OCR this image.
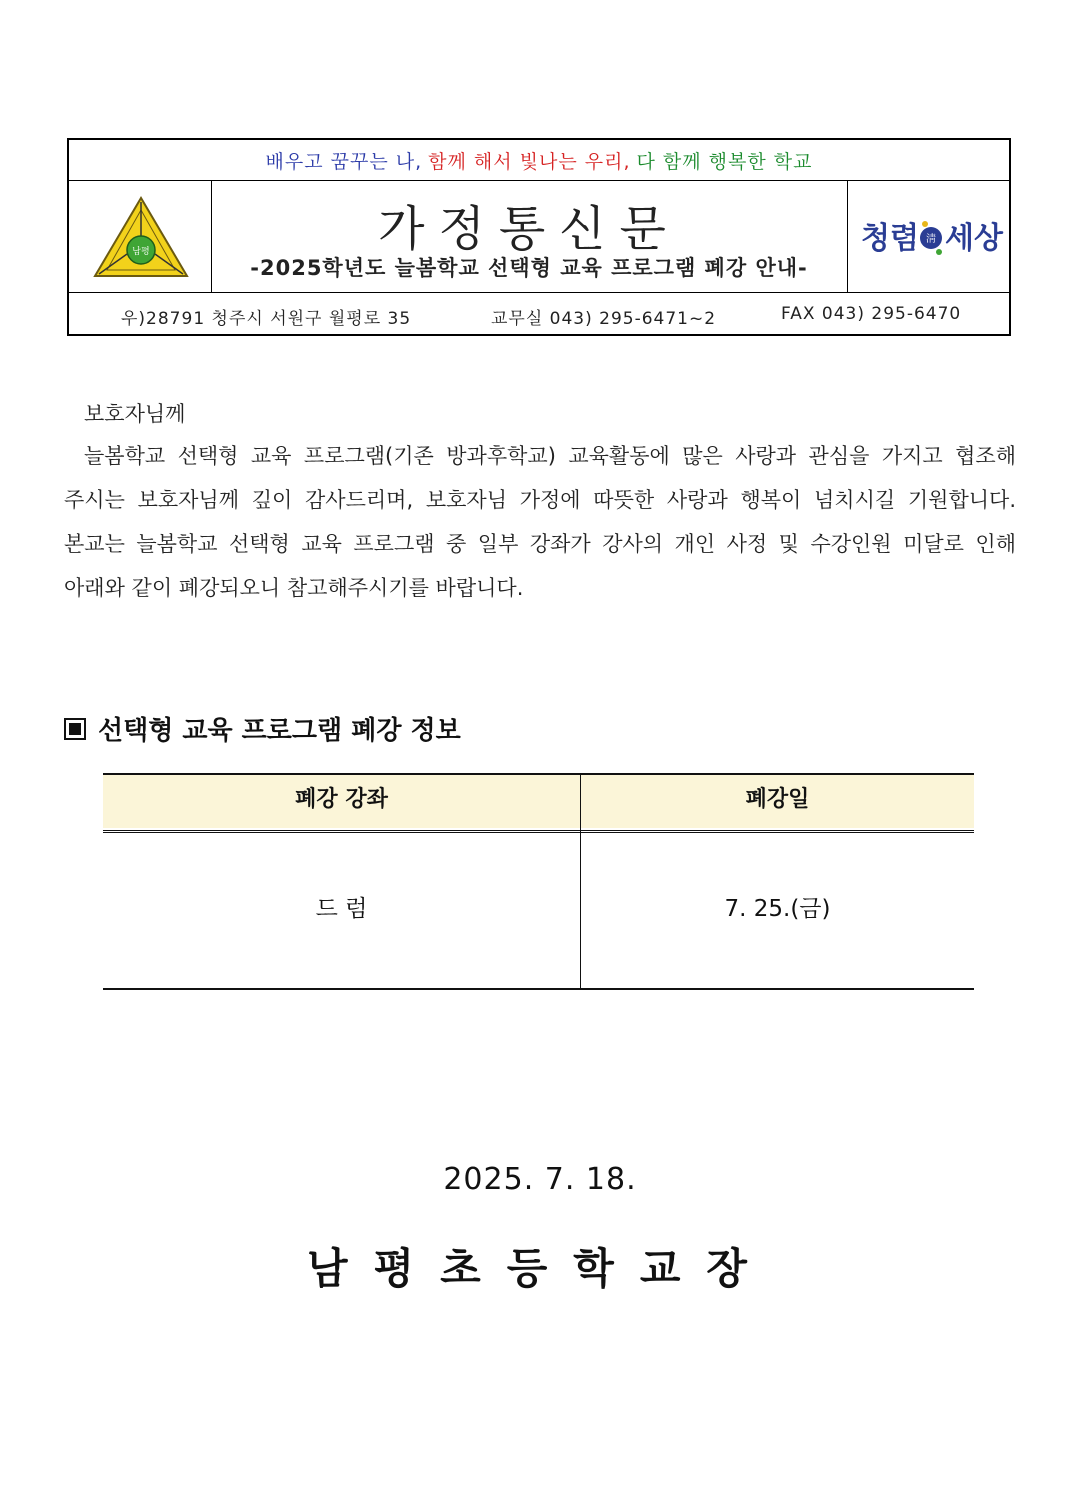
배우고 꿈꾸는 나, 함께 해서 빛나는 우리, 다 함께 행복한 학교
남평	가정통신문
-2025학년도 늘봄학교 선택형 교육 프로그램 폐강 안내-
청렴 淸 세상
우)28791 청주시 서원구 월평로 35	교무실 043) 295-6471~2	FAX 043) 295-6470
보호자님께

늘봄학교 선택형 교육 프로그램(기존 방과후학교) 교육활동에 많은 사랑과 관심을 가지고 협조해

주시는 보호자님께 깊이 감사드리며, 보호자님 가정에 따뜻한 사랑과 행복이 넘치시길 기원합니다.

본교는 늘봄학교 선택형 교육 프로그램 중 일부 강좌가 강사의 개인 사정 및 수강인원 미달로 인해

아래와 같이 폐강되오니 참고해주시기를 바랍니다.

선택형 교육 프로그램 폐강 정보
폐강 강좌	폐강일
드 럼	7. 25.(금)
2025. 7. 18.
남평초등학교장
